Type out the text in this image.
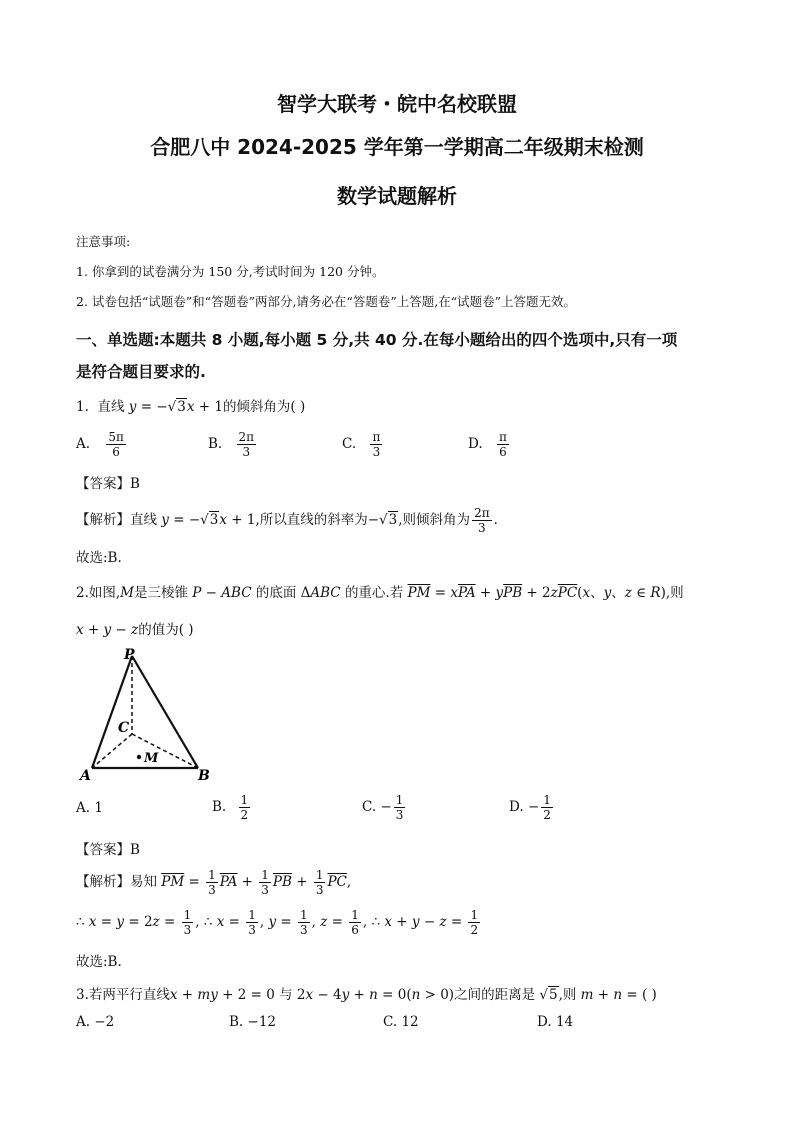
智学大联考・皖中名校联盟
合肥八中 2024-2025 学年第一学期高二年级期末检测
数学试题解析
注意事项:
1. 你拿到的试卷满分为 150 分,考试时间为 120 分钟。
2. 试卷包括“试题卷”和“答题卷”两部分,请务必在“答题卷”上答题,在“试题卷”上答题无效。
一、单选题:本题共 8 小题,每小题 5 分,共 40 分.在每小题给出的四个选项中,只有一项
是符合题目要求的.
1. 直线 y = −√3x + 1的倾斜角为( )
A. $\frac{5\pi}{6}$	B. $\frac{2\pi}{3}$	C. $\frac{\pi}{3}$	D. $\frac{\pi}{6}$
【答案】B
【解析】直线 y = −√3x + 1,所以直线的斜率为−√3,则倾斜角为 $\frac{2\pi}{3}$ .
故选:B.
2.如图,M是三棱锥 P − ABC 的底面 ΔABC 的重心.若 $\overline{PM} = x\overline{PA} + y\overline{PB} + 2z\overline{PC}(x$、y、z ∈ R),则
x + y − z的值为( )
P
C
M
A	B
A. 1	B. $\frac{1}{2}$	C. − $\frac{1}{3}$	D. − $\frac{1}{2}$
【答案】B
【解析】易知 $\overline{PM} = \frac{1}{3} \overline{PA} + \frac{1}{3} \overline{PB} + \frac{1}{3} \overline{PC}$,
∴ $x = y = 2z = \frac{1}{3}$ , ∴ $x = \frac{1}{3}$ , $y = \frac{1}{3}$ , $z = \frac{1}{6}$ , ∴ $x + y - z = \frac{1}{2}$
故选:B.
3.若两平行直线x + my + 2 = 0 与 2x − 4y + n = 0(n > 0)之间的距离是 √5,则 m + n = ( )
A. −2	B. −12	C. 12	D. 14
